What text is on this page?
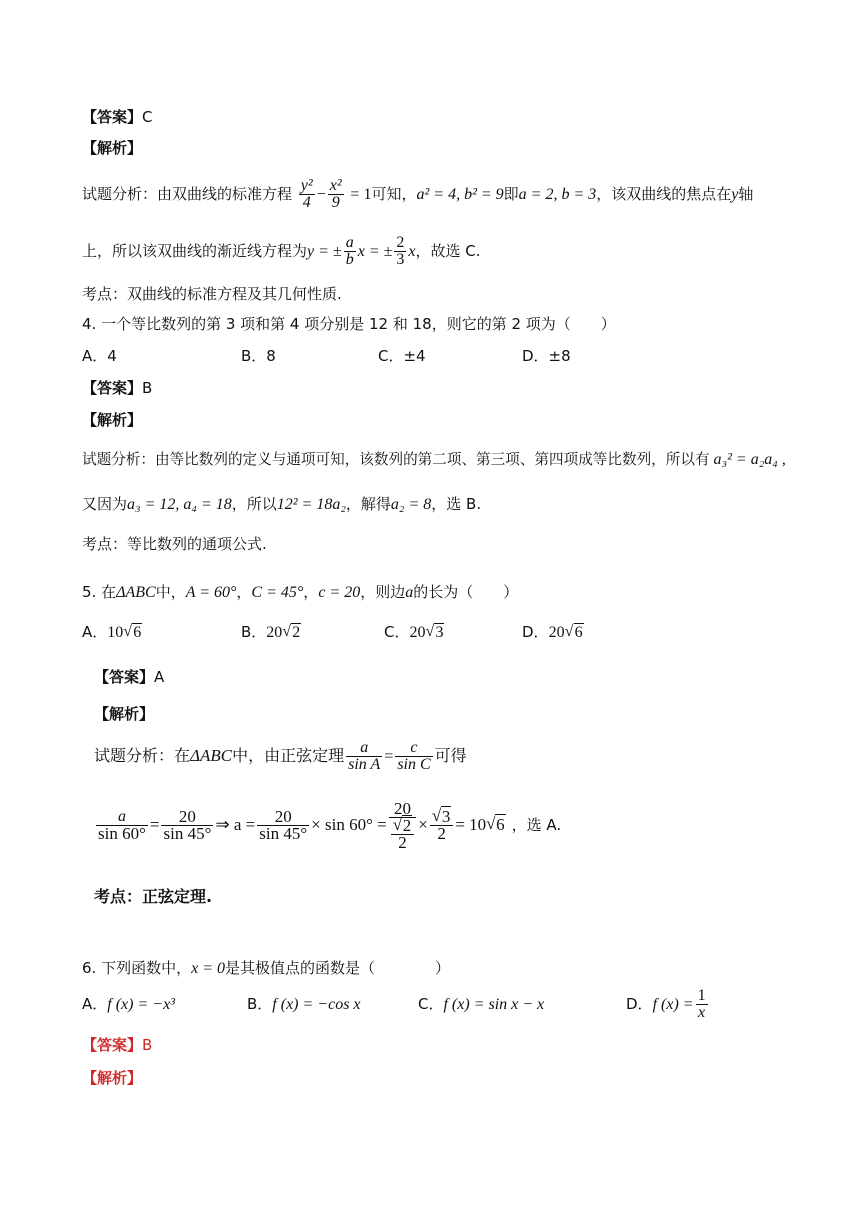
【答案】C
【解析】
试题分析：由双曲线的标准方程 $\frac{\text{y²}}{4} - \frac{\text{x²}}{9} = 1$可知，a² = 4, b² = 9即a = 2, b = 3，该双曲线的焦点在y轴
上，所以该双曲线的渐近线方程为y = ± $\frac{a}{b}$ x = ± $\frac{2}{3}$ x，故选 C.
考点：双曲线的标准方程及其几何性质.
4. 一个等比数列的第 3 项和第 4 项分别是 12 和 18，则它的第 2 项为（　　）
A．4	B．8	C．±4	D．±8
【答案】B
【解析】
试题分析：由等比数列的定义与通项可知，该数列的第二项、第三项、第四项成等比数列，所以有 a₃² = a₂a₄ ,
又因为a₃ = 12, a₄ = 18，所以12² = 18a₂，解得a₂ = 8，选 B.
考点：等比数列的通项公式.
5. 在ΔABC中，A = 60°，C = 45°，c = 20，则边a的长为（　　）
A．10√ 6	B．20√ 2	C．20√ 3	D．20√ 6
【答案】A
【解析】
试题分析：在ΔABC中，由正弦定理 $\frac{a}{\text{sin A}} = \frac{c}{\text{sin C}}$ 可得
$\frac{a}{\sin 60^\circ} = \frac{20}{\sin 45^\circ}$ ⇒ $a = \frac{20}{\sin 45^\circ} \times \sin 60^\circ = 20$
√ $\frac{2}{2}$ ×
√ $\frac{3}{2} = 10√$ 6 ，选 A.
考点：正弦定理.
6. 下列函数中，x = 0是其极值点的函数是（　　　　）
A．f (x) = −x³	B．f (x) = −cos x	C．f (x) = sin x − x	D．f $(x) = \frac{1}{x}$
【答案】B
【解析】
